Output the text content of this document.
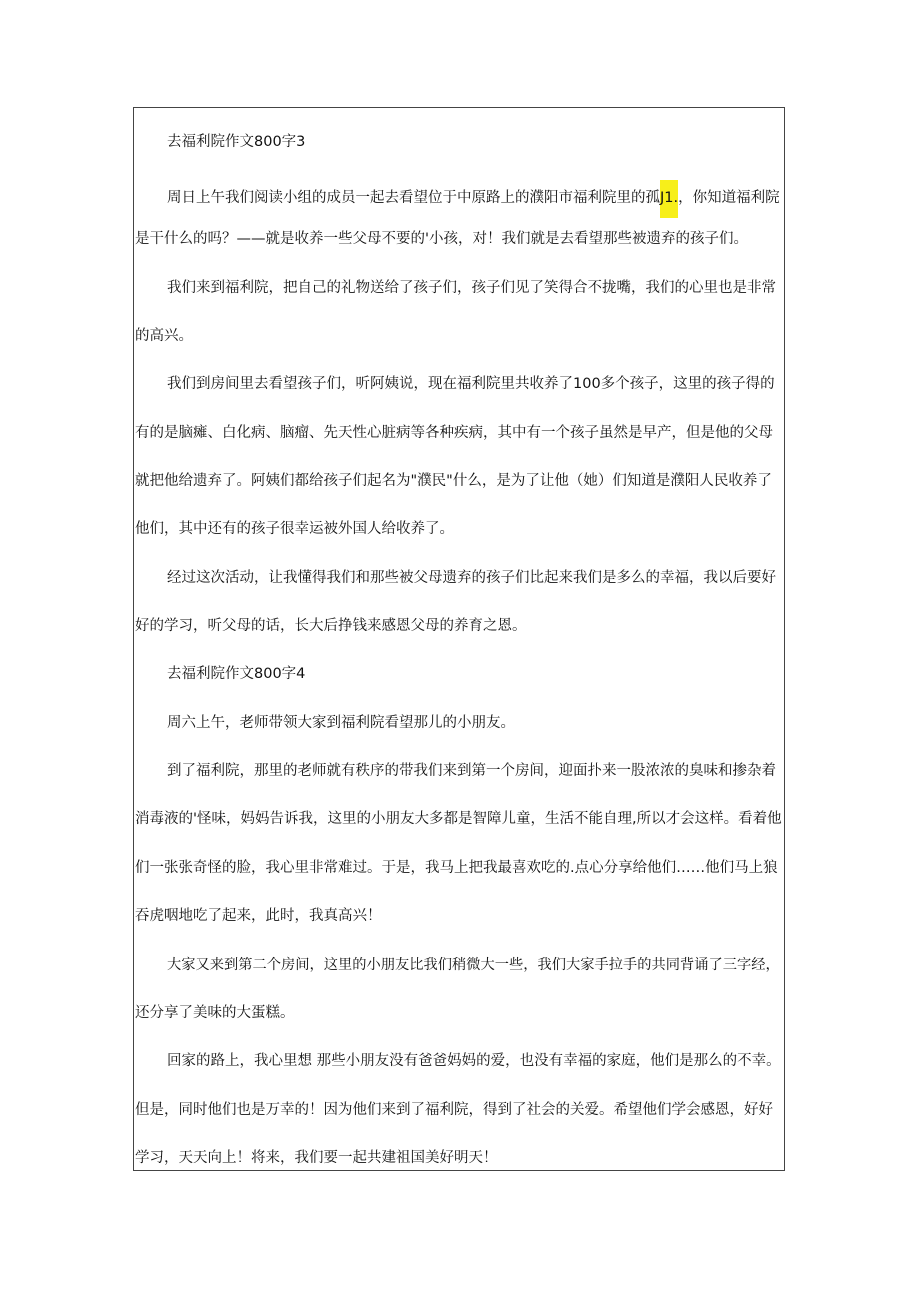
去福利院作文800字3
周日上午我们阅读小组的成员一起去看望位于中原路上的濮阳市福利院里的孤J1.，你知道福利院
是干什么的吗？——就是收养一些父母不要的'小孩，对！我们就是去看望那些被遗弃的孩子们。
我们来到福利院，把自己的礼物送给了孩子们，孩子们见了笑得合不拢嘴，我们的心里也是非常
的高兴。
我们到房间里去看望孩子们，听阿姨说，现在福利院里共收养了100多个孩子，这里的孩子得的
有的是脑瘫、白化病、脑瘤、先天性心脏病等各种疾病，其中有一个孩子虽然是早产，但是他的父母
就把他给遗弃了。阿姨们都给孩子们起名为"濮民"什么，是为了让他（她）们知道是濮阳人民收养了
他们，其中还有的孩子很幸运被外国人给收养了。
经过这次活动，让我懂得我们和那些被父母遗弃的孩子们比起来我们是多么的幸福，我以后要好
好的学习，听父母的话，长大后挣钱来感恩父母的养育之恩。
去福利院作文800字4
周六上午，老师带领大家到福利院看望那儿的小朋友。
到了福利院，那里的老师就有秩序的带我们来到第一个房间，迎面扑来一股浓浓的臭味和掺杂着
消毒液的'怪味，妈妈告诉我，这里的小朋友大多都是智障儿童，生活不能自理,所以才会这样。看着他
们一张张奇怪的脸，我心里非常难过。于是，我马上把我最喜欢吃的.点心分享给他们……他们马上狼
吞虎咽地吃了起来，此时，我真高兴！
大家又来到第二个房间，这里的小朋友比我们稍微大一些，我们大家手拉手的共同背诵了三字经，
还分享了美味的大蛋糕。
回家的路上，我心里想 那些小朋友没有爸爸妈妈的爱，也没有幸福的家庭，他们是那么的不幸。
但是，同时他们也是万幸的！因为他们来到了福利院，得到了社会的关爱。希望他们学会感恩，好好
学习，天天向上！将来，我们要一起共建祖国美好明天！
